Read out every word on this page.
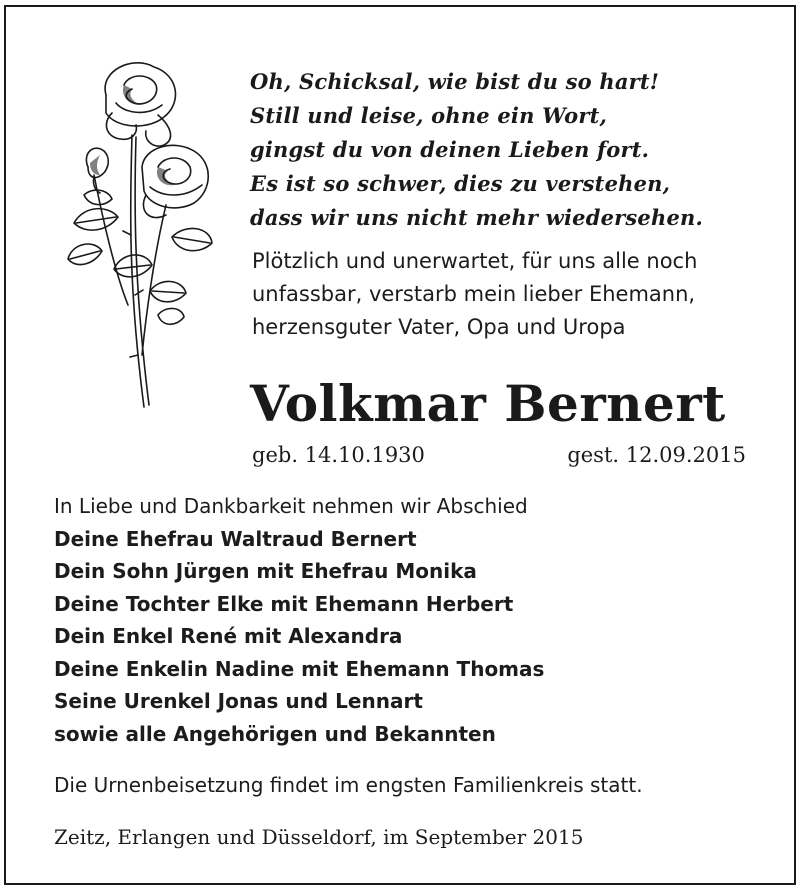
Oh, Schicksal, wie bist du so hart!
Still und leise, ohne ein Wort,
gingst du von deinen Lieben fort.
Es ist so schwer, dies zu verstehen,
dass wir uns nicht mehr wiedersehen.
Plötzlich und unerwartet, für uns alle noch
unfassbar, verstarb mein lieber Ehemann,
herzensguter Vater, Opa und Uropa
Volkmar Bernert
geb. 14.10.1930	gest. 12.09.2015
In Liebe und Dankbarkeit nehmen wir Abschied
Deine Ehefrau Waltraud Bernert
Dein Sohn Jürgen mit Ehefrau Monika
Deine Tochter Elke mit Ehemann Herbert
Dein Enkel René mit Alexandra
Deine Enkelin Nadine mit Ehemann Thomas
Seine Urenkel Jonas und Lennart
sowie alle Angehörigen und Bekannten
Die Urnenbeisetzung findet im engsten Familienkreis statt.
Zeitz, Erlangen und Düsseldorf, im September 2015
